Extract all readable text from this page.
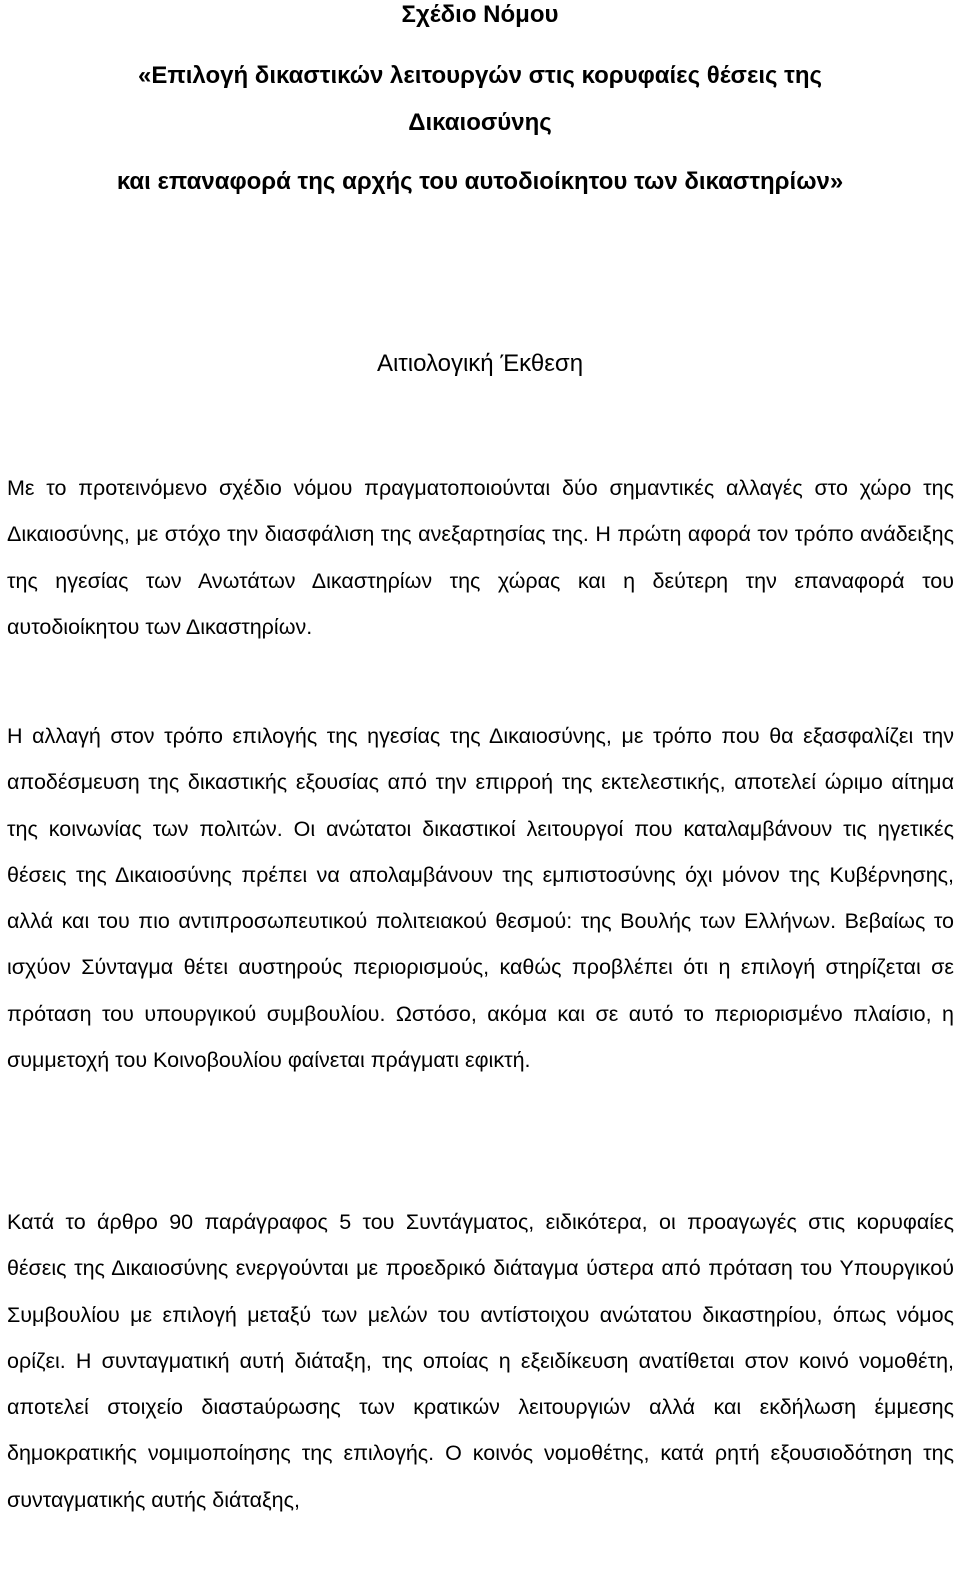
Σχέδιο Νόμου
«Επιλογή δικαστικών λειτουργών στις κορυφαίες θέσεις της
Δικαιοσύνης
και επαναφορά της αρχής του αυτοδιοίκητου των δικαστηρίων»
Αιτιολογική Έκθεση

Με το προτεινόμενο σχέδιο νόμου πραγματοποιούνται δύο σημαντικές αλλαγές στο χώρο της Δικαιοσύνης, με στόχο την διασφάλιση της ανεξαρτησίας της. Η πρώτη αφορά τον τρόπο ανάδειξης της ηγεσίας των Ανωτάτων Δικαστηρίων της χώρας και η δεύτερη την επαναφορά του αυτοδιοίκητου των Δικαστηρίων.

Η αλλαγή στον τρόπο επιλογής της ηγεσίας της Δικαιοσύνης, με τρόπο που θα εξασφαλίζει την αποδέσμευση της δικαστικής εξουσίας από την επιρροή της εκτελεστικής, αποτελεί ώριμο αίτημα της κοινωνίας των πολιτών. Οι ανώτατοι δικαστικοί λειτουργοί που καταλαμβάνουν τις ηγετικές θέσεις της Δικαιοσύνης πρέπει να απολαμβάνουν της εμπιστοσύνης όχι μόνον της Κυβέρνησης, αλλά και του πιο αντιπροσωπευτικού πολιτειακού θεσμού: της Βουλής των Ελλήνων. Βεβαίως το ισχύον Σύνταγμα θέτει αυστηρούς περιορισμούς, καθώς προβλέπει ότι η επιλογή στηρίζεται σε πρόταση του υπουργικού συμβουλίου. Ωστόσο, ακόμα και σε αυτό το περιορισμένο πλαίσιο, η συμμετοχή του Κοινοβουλίου φαίνεται πράγματι εφικτή.

Κατά το άρθρο 90 παράγραφος 5 του Συντάγματος, ειδικότερα, οι προαγωγές στις κορυφαίες θέσεις της Δικαιοσύνης ενεργούνται με προεδρικό διάταγμα ύστερα από πρόταση του Υπουργικού Συμβουλίου με επιλογή μεταξύ των μελών του αντίστοιχου ανώτατου δικαστηρίου, όπως νόμος ορίζει. Η συνταγματική αυτή διάταξη, της οποίας η εξειδίκευση ανατίθεται στον κοινό νομοθέτη, αποτελεί στοιχείο διαστaύρωσης των κρατικών λειτουργιών αλλά και εκδήλωση έμμεσης δημοκρατικής νομιμοποίησης της επιλογής. Ο κοινός νομοθέτης, κατά ρητή εξουσιοδότηση της συνταγματικής αυτής διάταξης,
